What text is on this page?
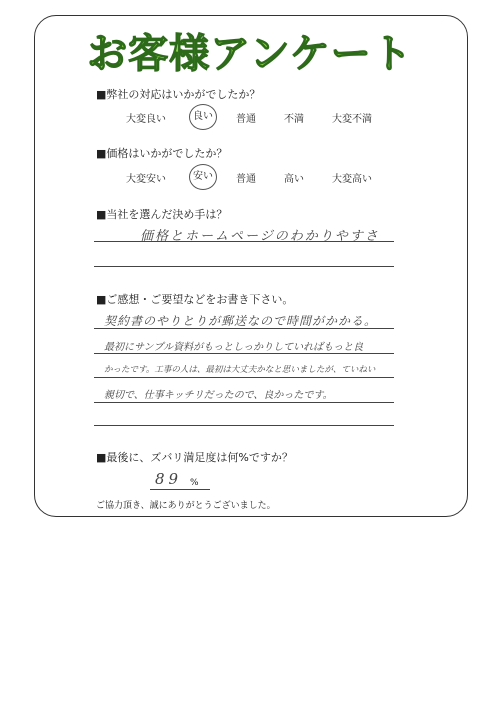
お客様アンケート
■弊社の対応はいかがでしたか？
大変良い	良い	普通	不満	大変不満
■価格はいかがでしたか？
大変安い	安い	普通	高い	大変高い
■当社を選んだ決め手は？
価格とホームページのわかりやすさ
■ご感想・ご要望などをお書き下さい。
契約書のやりとりが郵送なので時間がかかる。
最初にサンプル資料がもっとしっかりしていればもっと良
かったです。工事の人は、最初は大丈夫かなと思いましたが、ていねい
親切で、仕事キッチリだったので、良かったです。
■最後に、ズバリ満足度は何%ですか？
89 %
ご協力頂き、誠にありがとうございました。
